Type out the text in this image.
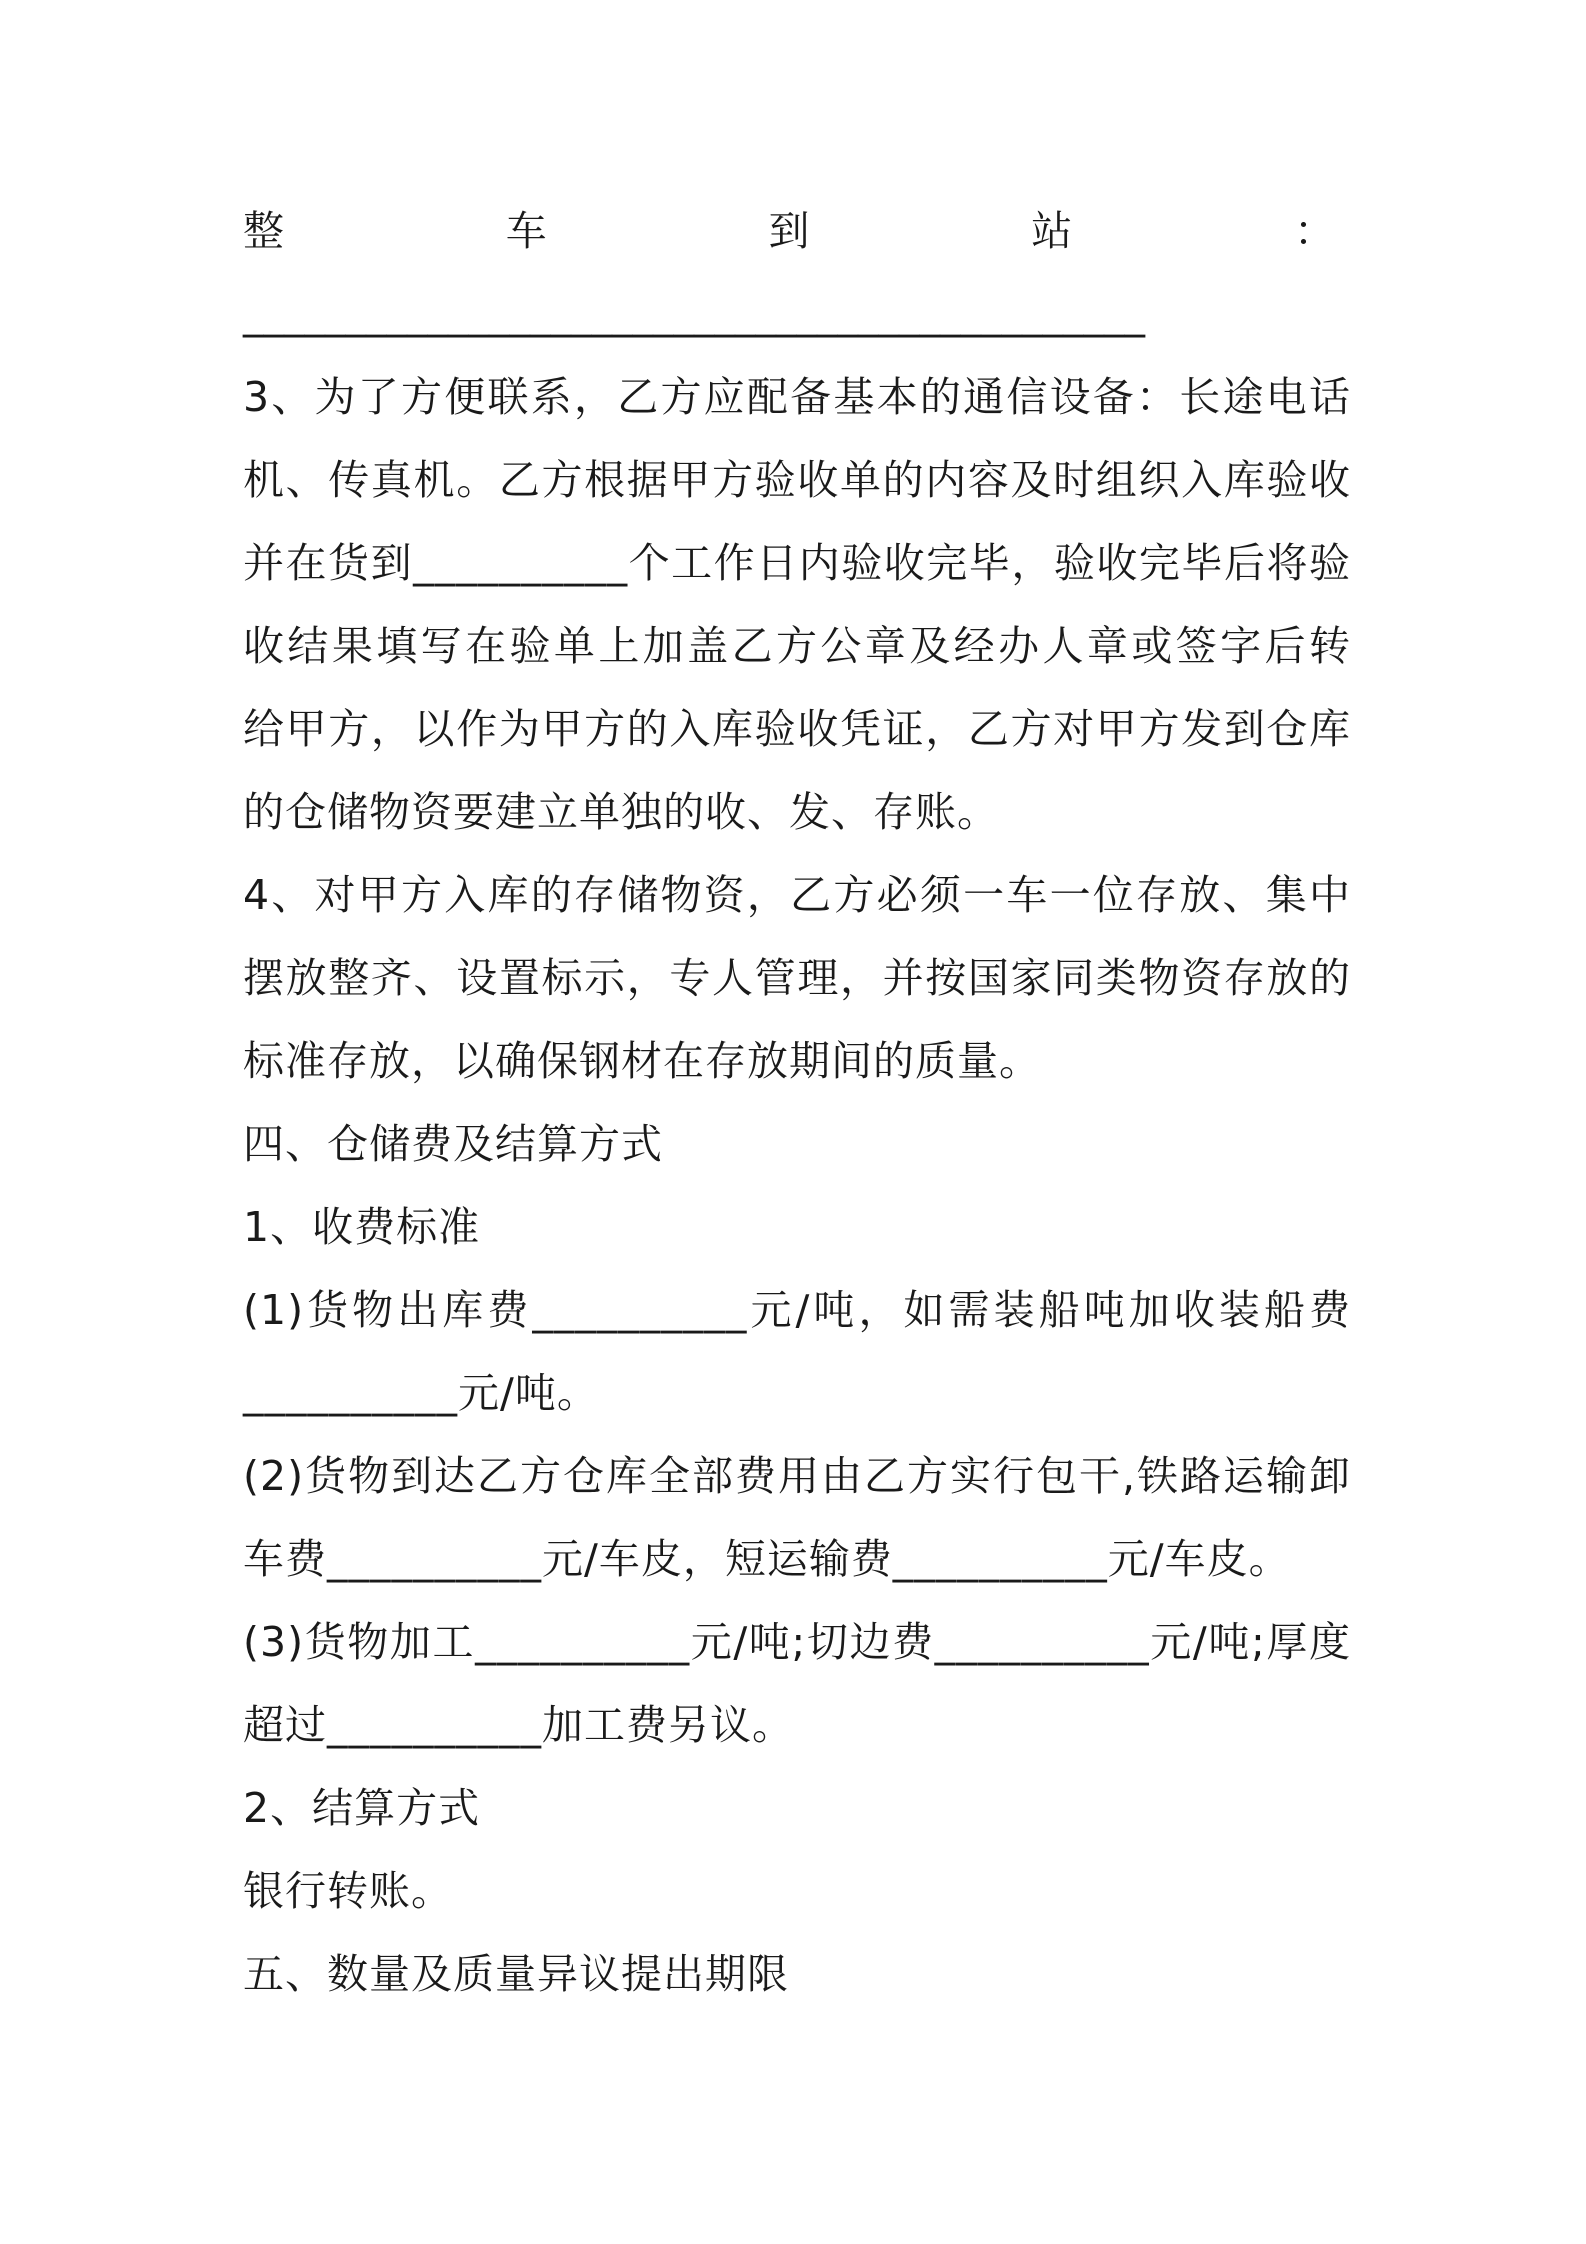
整	车	到	站	：
____________________________________________
3、为了方便联系，乙方应配备基本的通信设备：长途电话
机、传真机。乙方根据甲方验收单的内容及时组织入库验收
并在货到__________个工作日内验收完毕，验收完毕后将验
收结果填写在验单上加盖乙方公章及经办人章或签字后转
给甲方，以作为甲方的入库验收凭证，乙方对甲方发到仓库
的仓储物资要建立单独的收、发、存账。
4、对甲方入库的存储物资，乙方必须一车一位存放、集中
摆放整齐、设置标示，专人管理，并按国家同类物资存放的
标准存放，以确保钢材在存放期间的质量。
四、仓储费及结算方式
1、收费标准
(1)货物出库费__________元/吨，如需装船吨加收装船费
__________元/吨。
(2)货物到达乙方仓库全部费用由乙方实行包干,铁路运输卸
车费__________元/车皮，短运输费__________元/车皮。
(3)货物加工__________元/吨;切边费__________元/吨;厚度
超过__________加工费另议。
2、结算方式
银行转账。
五、数量及质量异议提出期限
